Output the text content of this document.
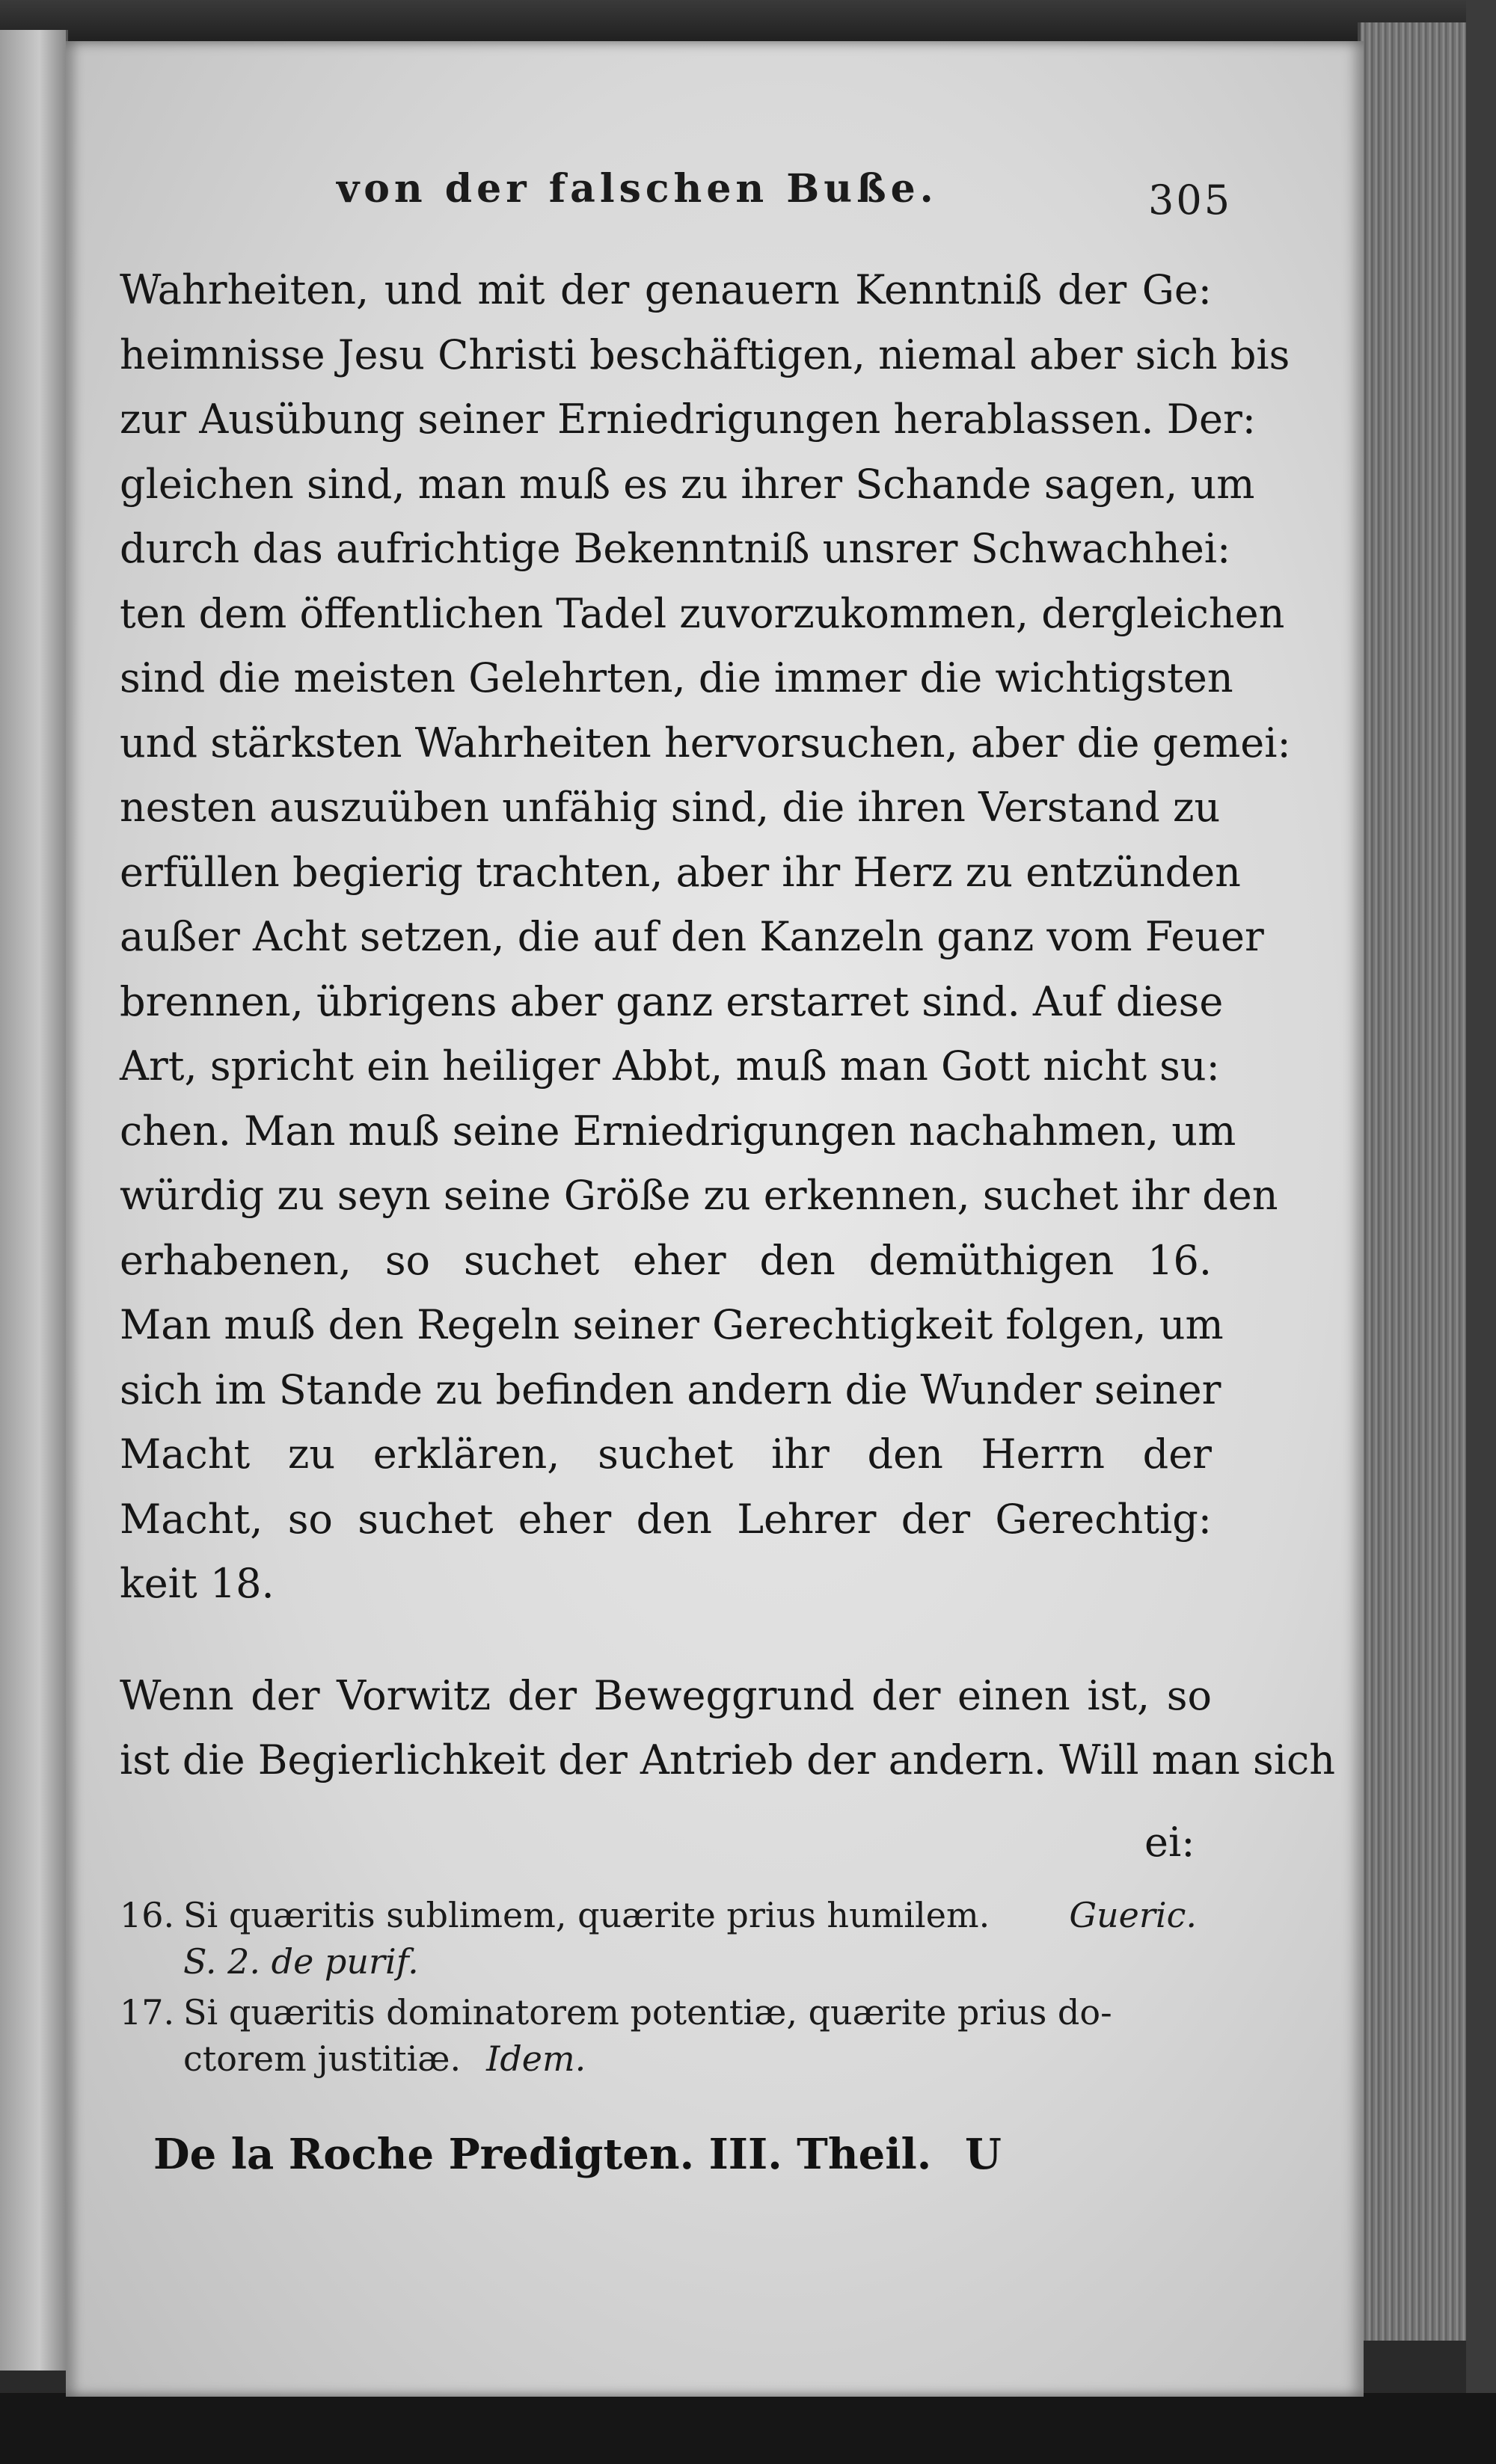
von der falschen Buße.	305
Wahrheiten, und mit der genauern Kenntniß der Ge:
heimnisse Jesu Christi beschäftigen, niemal aber sich bis
zur Ausübung seiner Erniedrigungen herablassen. Der:
gleichen sind, man muß es zu ihrer Schande sagen, um
durch das aufrichtige Bekenntniß unsrer Schwachhei:
ten dem öffentlichen Tadel zuvorzukommen, dergleichen
sind die meisten Gelehrten, die immer die wichtigsten
und stärksten Wahrheiten hervorsuchen, aber die gemei:
nesten auszuüben unfähig sind, die ihren Verstand zu
erfüllen begierig trachten, aber ihr Herz zu entzünden
außer Acht setzen, die auf den Kanzeln ganz vom Feuer
brennen, übrigens aber ganz erstarret sind. Auf diese
Art, spricht ein heiliger Abbt, muß man Gott nicht su:
chen. Man muß seine Erniedrigungen nachahmen, um
würdig zu seyn seine Größe zu erkennen, suchet ihr den
erhabenen, so suchet eher den demüthigen 16.
Man muß den Regeln seiner Gerechtigkeit folgen, um
sich im Stande zu befinden andern die Wunder seiner
Macht zu erklären, suchet ihr den Herrn der
Macht, so suchet eher den Lehrer der Gerechtig:
keit 18.
Wenn der Vorwitz der Beweggrund der einen ist, so
ist die Begierlichkeit der Antrieb der andern. Will man sich
ei:
16. Si quæritis sublimem, quærite prius humilem. Gueric.
S. 2. de purif.
17. Si quæritis dominatorem potentiæ, quærite prius do-
ctorem justitiæ. Idem.
De la Roche Predigten. III. Theil. U
